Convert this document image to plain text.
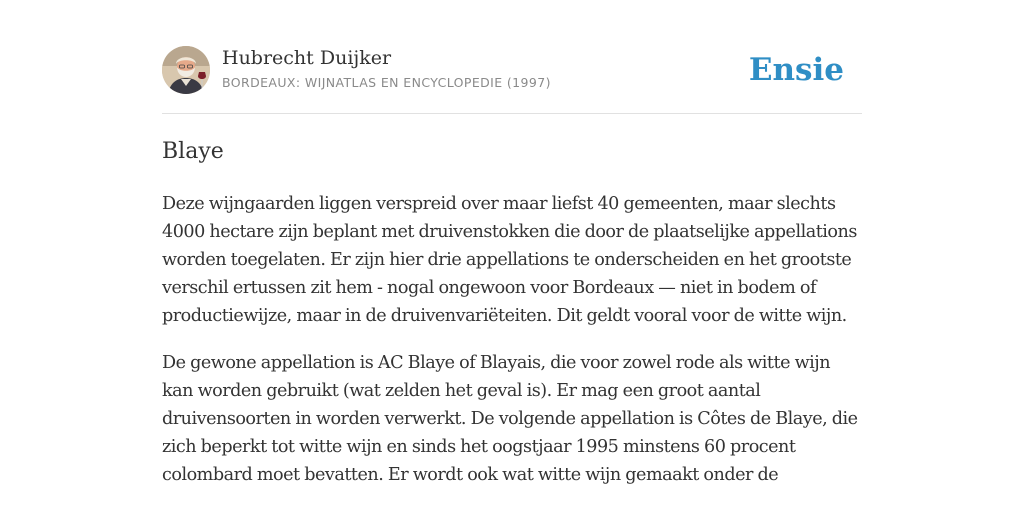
Hubrecht Duijker
BORDEAUX: WIJNATLAS EN ENCYCLOPEDIE (1997)	Ensie
Blaye

Deze wijngaarden liggen verspreid over maar liefst 40 gemeenten, maar slechts 4000 hectare zijn beplant met druivenstokken die door de plaatselijke appellations worden toegelaten. Er zijn hier drie appellations te onderscheiden en het grootste verschil ertussen zit hem - nogal ongewoon voor Bordeaux — niet in bodem of productiewijze, maar in de druivenvariëteiten. Dit geldt vooral voor de witte wijn.

De gewone appellation is AC Blaye of Blayais, die voor zowel rode als witte wijn kan worden gebruikt (wat zelden het geval is). Er mag een groot aantal druivensoorten in worden verwerkt. De volgende appellation is Côtes de Blaye, die zich beperkt tot witte wijn en sinds het oogstjaar 1995 minstens 60 procent colombard moet bevatten. Er wordt ook wat witte wijn gemaakt onder de
